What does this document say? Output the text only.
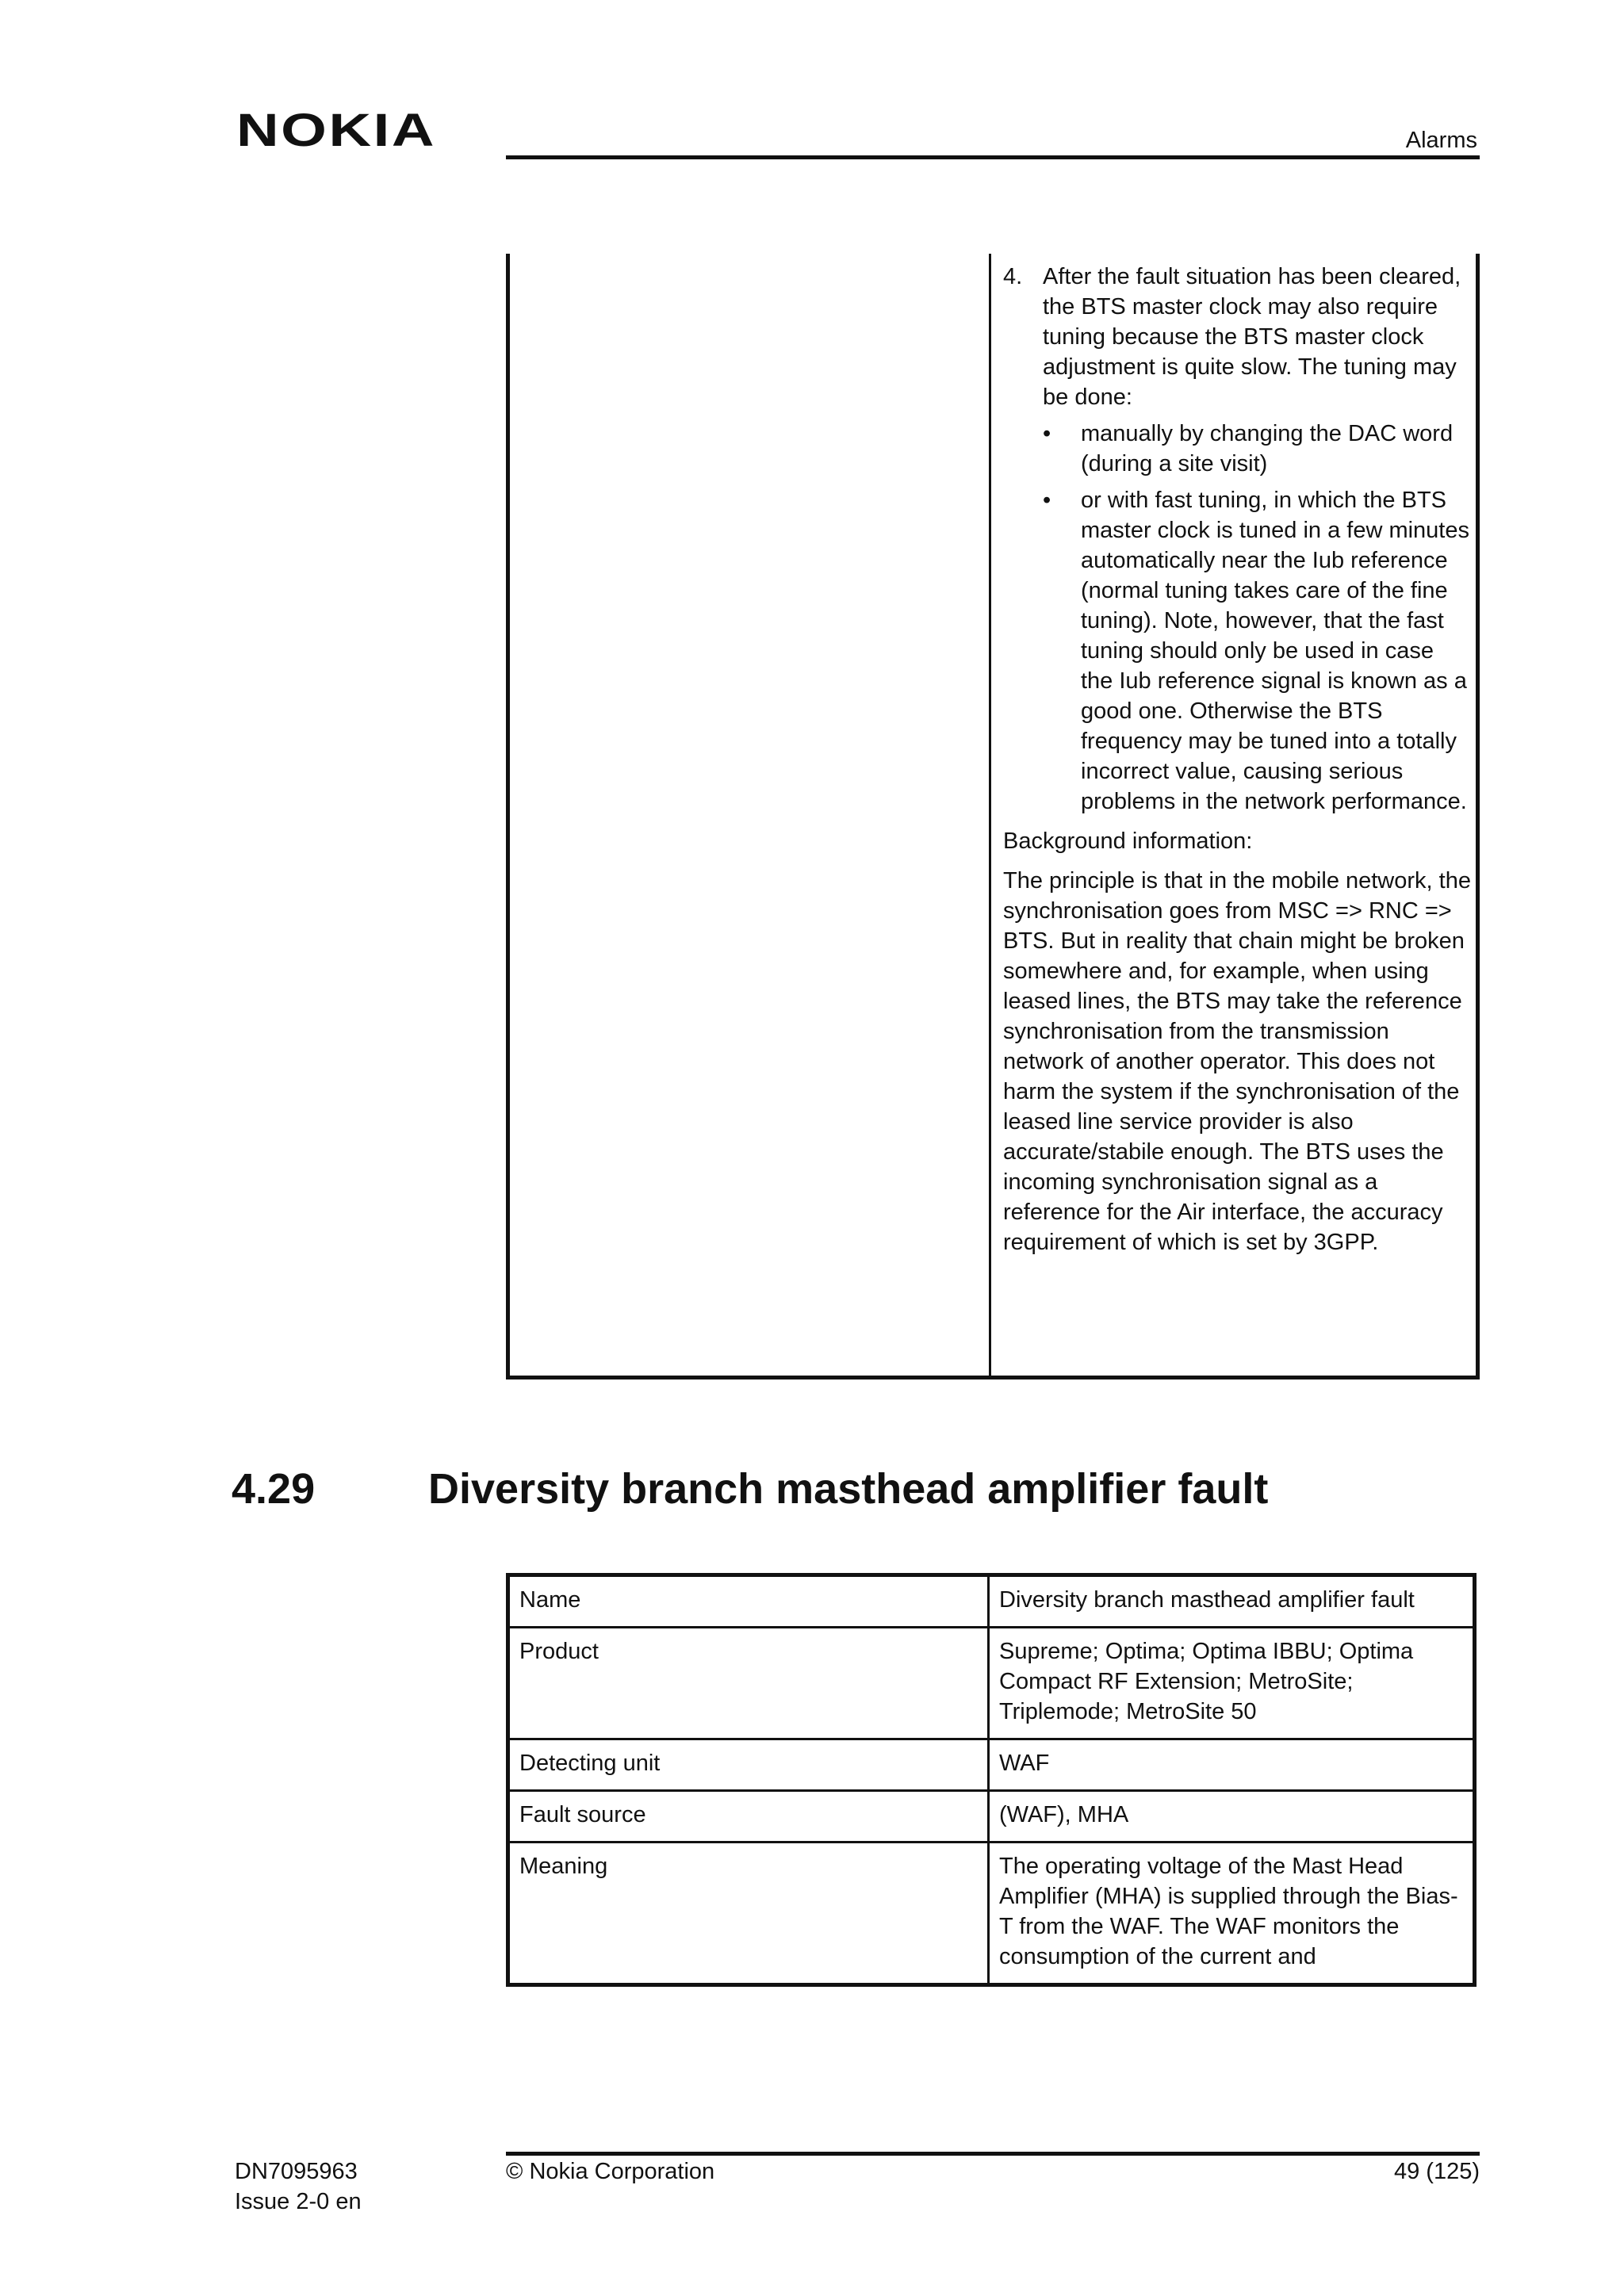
NOKIA	Alarms
4. After the fault situation has been cleared, the BTS master clock may also require tuning because the BTS master clock adjustment is quite slow. The tuning may be done:
• manually by changing the DAC word (during a site visit)
• or with fast tuning, in which the BTS master clock is tuned in a few minutes automatically near the Iub reference (normal tuning takes care of the fine tuning). Note, however, that the fast tuning should only be used in case the Iub reference signal is known as a good one. Otherwise the BTS frequency may be tuned into a totally incorrect value, causing serious problems in the network performance.

Background information:

The principle is that in the mobile network, the synchronisation goes from MSC => RNC => BTS. But in reality that chain might be broken somewhere and, for example, when using leased lines, the BTS may take the reference synchronisation from the transmission network of another operator. This does not harm the system if the synchronisation of the leased line service provider is also accurate/stabile enough. The BTS uses the incoming synchronisation signal as a reference for the Air interface, the accuracy requirement of which is set by 3GPP.

4.29	Diversity branch masthead amplifier fault
Name	Diversity branch masthead amplifier fault
Product	Supreme; Optima; Optima IBBU; Optima Compact RF Extension; MetroSite; Triplemode; MetroSite 50
Detecting unit	WAF
Fault source	(WAF), MHA
Meaning	The operating voltage of the Mast Head Amplifier (MHA) is supplied through the Bias-T from the WAF. The WAF monitors the consumption of the current and
DN7095963
Issue 2-0 en
© Nokia Corporation	49 (125)
